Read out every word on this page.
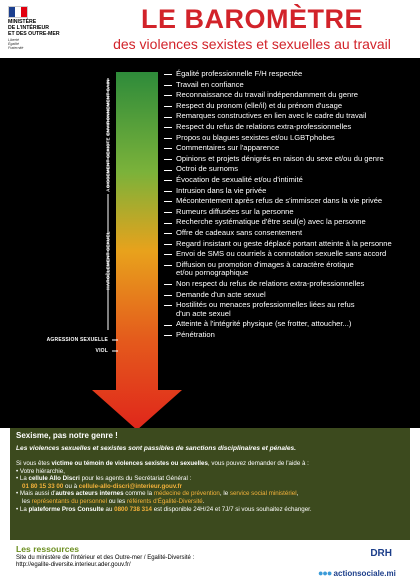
MINISTÈRE
DE L'INTÉRIEUR
ET DES OUTRE-MER
Liberté
Égalité
Fraternité
LE BAROMÈTRE
des violences sexistes et sexuelles au travail
ENVIRONNEMENT SAIN
AGISSEMENT SEXISTE
HARCÈLEMENT SEXUEL
AGRESSION SEXUELLE
VIOL
Égalité professionnelle F/H respectée
Travail en confiance
Reconnaissance du travail indépendamment du genre
Respect du pronom (elle/il) et du prénom d'usage
Remarques constructives en lien avec le cadre du travail
Respect du refus de relations extra-professionnelles
Propos ou blagues sexistes et/ou LGBTphobes
Commentaires sur l'apparence
Opinions et projets dénigrés en raison du sexe et/ou du genre
Octroi de surnoms
Évocation de sexualité et/ou d'intimité
Intrusion dans la vie privée
Mécontentement après refus de s'immiscer dans la vie privée
Rumeurs diffusées sur la personne
Recherche systématique d'être seul(e) avec la personne
Offre de cadeaux sans consentement
Regard insistant ou geste déplacé portant atteinte à la personne
Envoi de SMS ou courriels à connotation sexuelle sans accord
Diffusion ou promotion d'images à caractère érotique
et/ou pornographique
Non respect du refus de relations extra-professionnelles
Demande d'un acte sexuel
Hostilités ou menaces professionnelles liées au refus
d'un acte sexuel
Atteinte à l'intégrité physique (se frotter, attoucher...)
Pénétration
Sexisme, pas notre genre !
Les violences sexuelles et sexistes sont passibles de sanctions disciplinaires et pénales.
Si vous êtes victime ou témoin de violences sexistes ou sexuelles, vous pouvez demander de l'aide à :
• Votre hiérarchie,
• La cellule Allo Discri pour les agents du Secrétariat Général :
01 80 15 33 00 ou à cellule-allo-discri@interieur.gouv.fr
• Mais aussi d'autres acteurs internes comme la médecine de prévention, le service social ministériel,
les représentants du personnel ou les référents d'Égalité-Diversité.
• La plateforme Pros Consulte au 0800 738 314 est disponible 24H/24 et 7J/7 si vous souhaitez échanger.
Les ressources
Site du ministère de l'Intérieur et des Outre-mer / Egalité-Diversité :
http://egalite-diversite.interieur.ader.gouv.fr/
DRH
●●● actionsociale.mi
